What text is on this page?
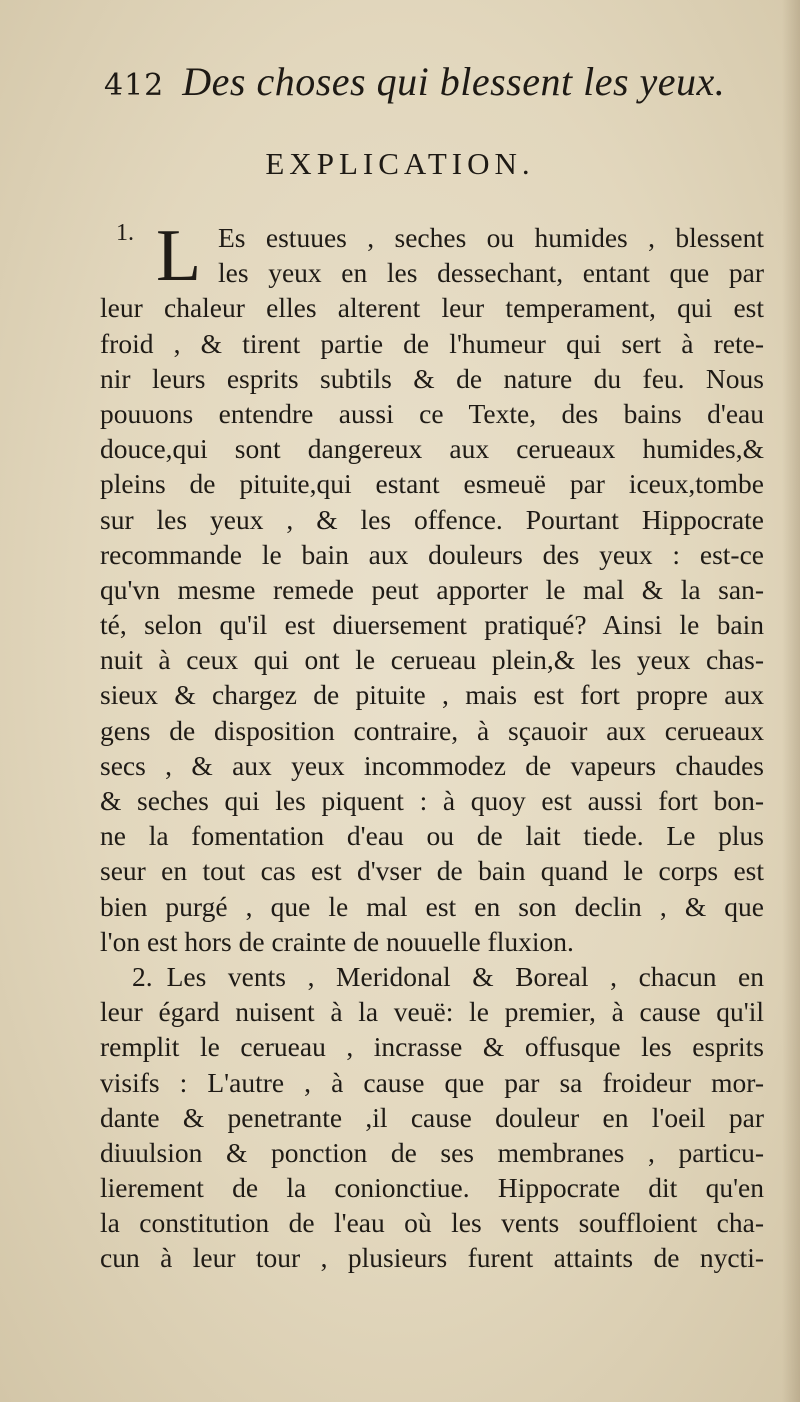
412 Des choses qui blessent les yeux.
EXPLICATION.
1. L Es estuues , seches ou humides , blessent
les yeux en les dessechant, entant que par
leur chaleur elles alterent leur temperament, qui est
froid , & tirent partie de l'humeur qui sert à rete-
nir leurs esprits subtils & de nature du feu. Nous
pouuons entendre aussi ce Texte, des bains d'eau
douce,qui sont dangereux aux cerueaux humides,&
pleins de pituite,qui estant esmeuë par iceux,tombe
sur les yeux , & les offence. Pourtant Hippocrate
recommande le bain aux douleurs des yeux : est-ce
qu'vn mesme remede peut apporter le mal & la san-
té, selon qu'il est diuersement pratiqué? Ainsi le bain
nuit à ceux qui ont le cerueau plein,& les yeux chas-
sieux & chargez de pituite , mais est fort propre aux
gens de disposition contraire, à sçauoir aux cerueaux
secs , & aux yeux incommodez de vapeurs chaudes
& seches qui les piquent : à quoy est aussi fort bon-
ne la fomentation d'eau ou de lait tiede. Le plus
seur en tout cas est d'vser de bain quand le corps est
bien purgé , que le mal est en son declin , & que
l'on est hors de crainte de nouuelle fluxion.
2. Les vents , Meridonal & Boreal , chacun en
leur égard nuisent à la veuë: le premier, à cause qu'il
remplit le cerueau , incrasse & offusque les esprits
visifs : L'autre , à cause que par sa froideur mor-
dante & penetrante ,il cause douleur en l'oeil par
diuulsion & ponction de ses membranes , particu-
lierement de la conionctiue. Hippocrate dit qu'en
la constitution de l'eau où les vents souffloient cha-
cun à leur tour , plusieurs furent attaints de nycti-
